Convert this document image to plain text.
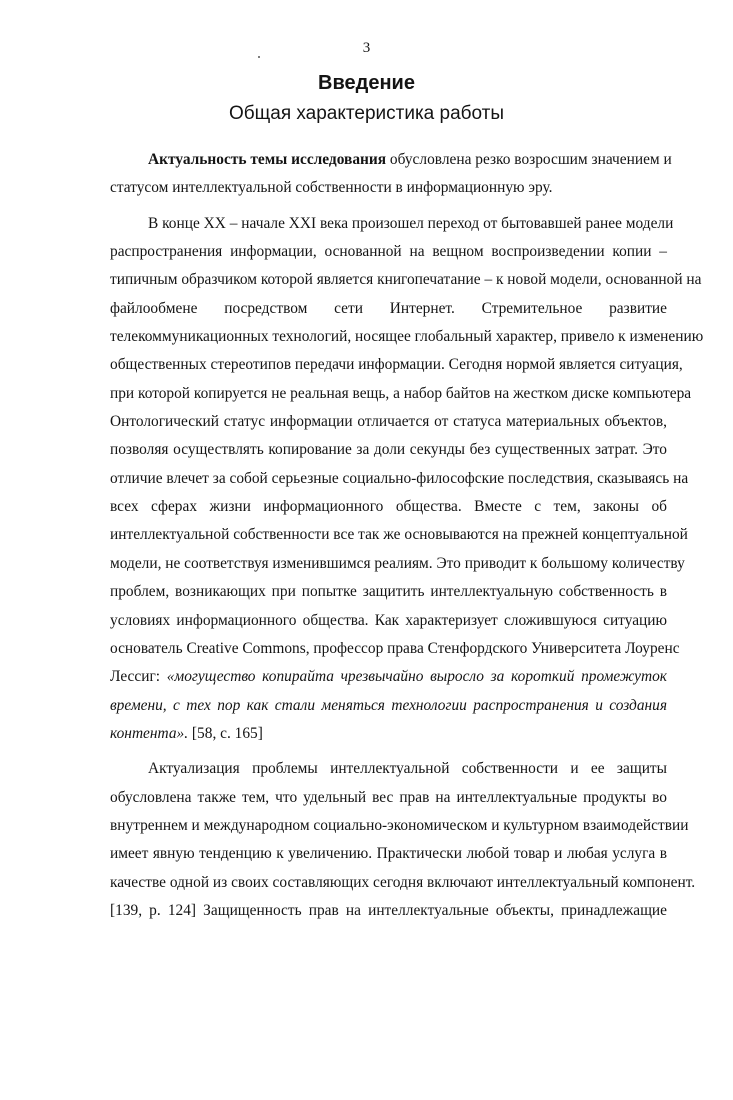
3
Введение
Общая характеристика работы
Актуальность темы исследования обусловлена резко возросшим значением и
статусом интеллектуальной собственности в информационную эру.
В конце XX – начале XXI века произошел переход от бытовавшей ранее модели
распространения информации, основанной на вещном воспроизведении копии –
типичным образчиком которой является книгопечатание – к новой модели, основанной на
файлообмене посредством сети Интернет. Стремительное развитие
телекоммуникационных технологий, носящее глобальный характер, привело к изменению
общественных стереотипов передачи информации. Сегодня нормой является ситуация,
при которой копируется не реальная вещь, а набор байтов на жестком диске компьютера
Онтологический статус информации отличается от статуса материальных объектов,
позволяя осуществлять копирование за доли секунды без существенных затрат. Это
отличие влечет за собой серьезные социально-философские последствия, сказываясь на
всех сферах жизни информационного общества. Вместе с тем, законы об
интеллектуальной собственности все так же основываются на прежней концептуальной
модели, не соответствуя изменившимся реалиям. Это приводит к большому количеству
проблем, возникающих при попытке защитить интеллектуальную собственность в
условиях информационного общества. Как характеризует сложившуюся ситуацию
основатель Creative Commons, профессор права Стенфордского Университета Лоуренс
Лессиг: «могущество копирайта чрезвычайно выросло за короткий промежуток
времени, с тех пор как стали меняться технологии распространения и создания
контента». [58, с. 165]
Актуализация проблемы интеллектуальной собственности и ее защиты
обусловлена также тем, что удельный вес прав на интеллектуальные продукты во
внутреннем и международном социально-экономическом и культурном взаимодействии
имеет явную тенденцию к увеличению. Практически любой товар и любая услуга в
качестве одной из своих составляющих сегодня включают интеллектуальный компонент.
[139, р. 124] Защищенность прав на интеллектуальные объекты, принадлежащие
